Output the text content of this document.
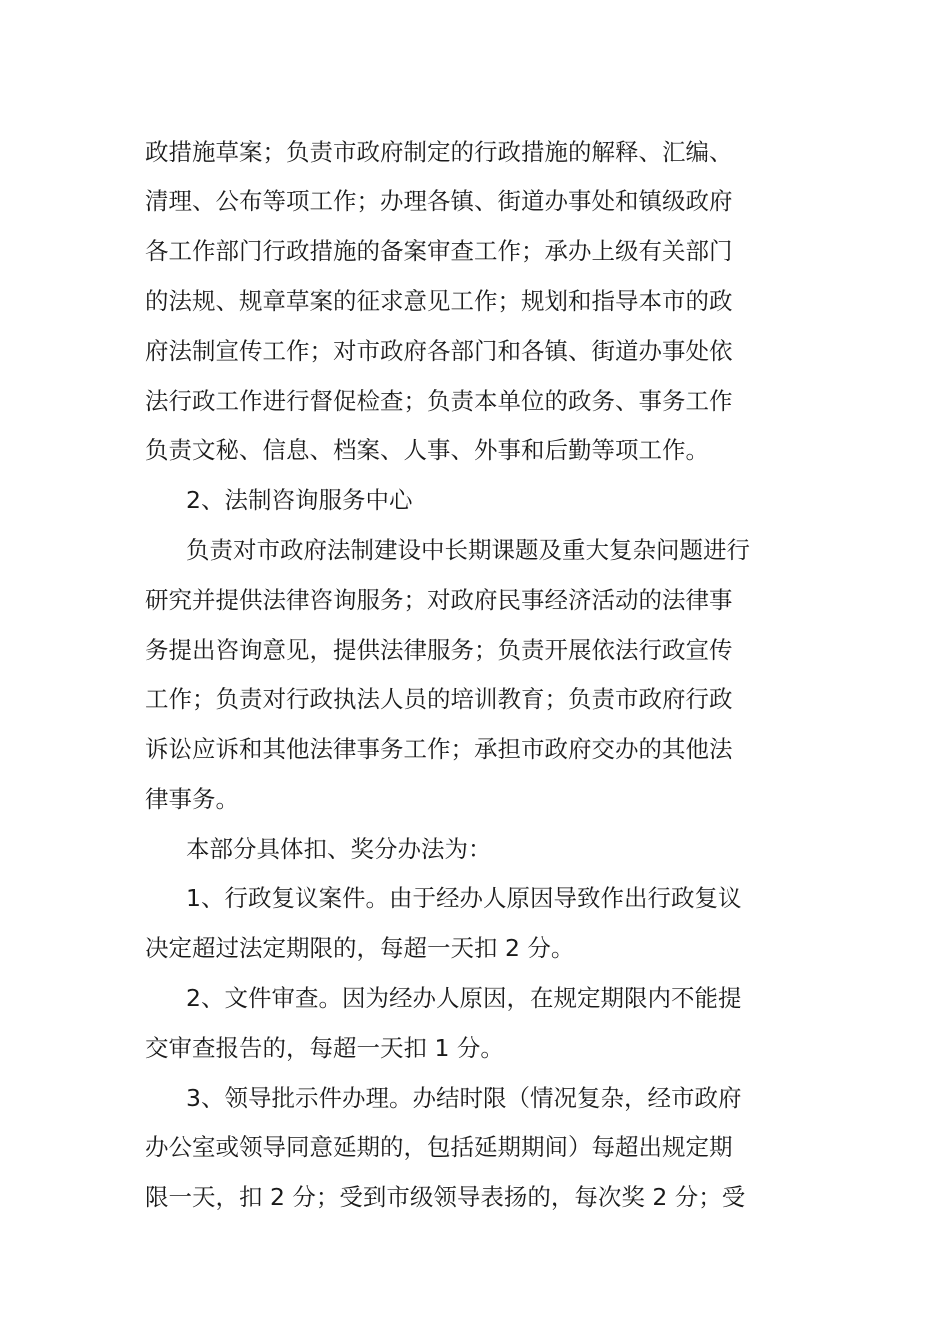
政措施草案；负责市政府制定的行政措施的解释、汇编、
清理、公布等项工作；办理各镇、街道办事处和镇级政府
各工作部门行政措施的备案审查工作；承办上级有关部门
的法规、规章草案的征求意见工作；规划和指导本市的政
府法制宣传工作；对市政府各部门和各镇、街道办事处依
法行政工作进行督促检查；负责本单位的政务、事务工作
负责文秘、信息、档案、人事、外事和后勤等项工作。
2、法制咨询服务中心
负责对市政府法制建设中长期课题及重大复杂问题进行
研究并提供法律咨询服务；对政府民事经济活动的法律事
务提出咨询意见，提供法律服务；负责开展依法行政宣传
工作；负责对行政执法人员的培训教育；负责市政府行政
诉讼应诉和其他法律事务工作；承担市政府交办的其他法
律事务。
本部分具体扣、奖分办法为：
1、行政复议案件。由于经办人原因导致作出行政复议
决定超过法定期限的，每超一天扣 2 分。
2、文件审查。因为经办人原因，在规定期限内不能提
交审查报告的，每超一天扣 1 分。
3、领导批示件办理。办结时限（情况复杂，经市政府
办公室或领导同意延期的，包括延期期间）每超出规定期
限一天，扣 2 分；受到市级领导表扬的，每次奖 2 分；受
